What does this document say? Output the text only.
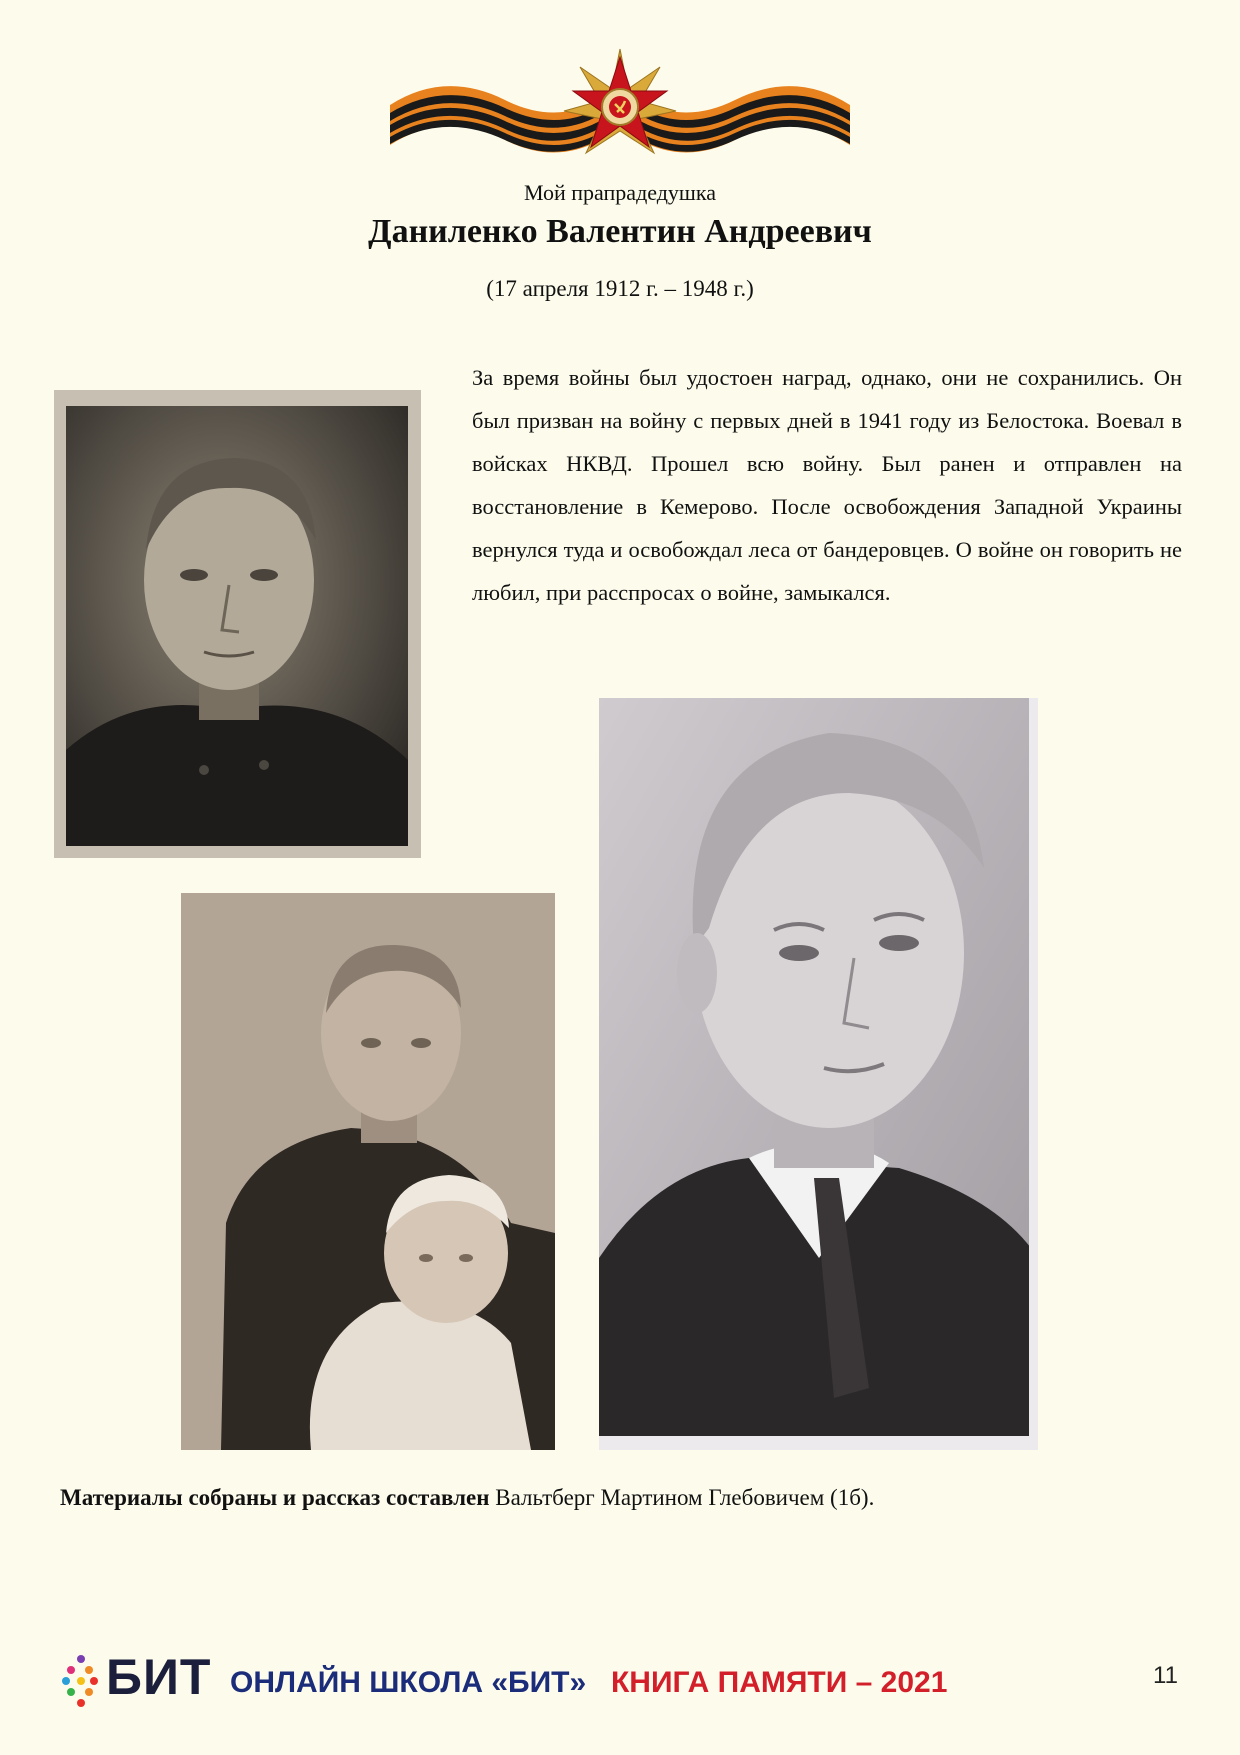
Мой прапрадедушка
Даниленко Валентин Андреевич
(17 апреля 1912 г. – 1948 г.)

За время войны был удостоен наград, однако, они не сохранились. Он был призван на войну с первых дней в 1941 году из Белостока. Воевал в войсках НКВД. Прошел всю войну. Был ранен и отправлен на восстановление в Кемерово. После освобождения Западной Украины вернулся туда и освобождал леса от бандеровцев. О войне он говорить не любил, при расспросах о войне, замыкался.

Материалы собраны и рассказ составлен Вальтберг Мартином Глебовичем (1б).
БИТ ОНЛАЙН ШКОЛА «БИТ» КНИГА ПАМЯТИ – 2021	11
